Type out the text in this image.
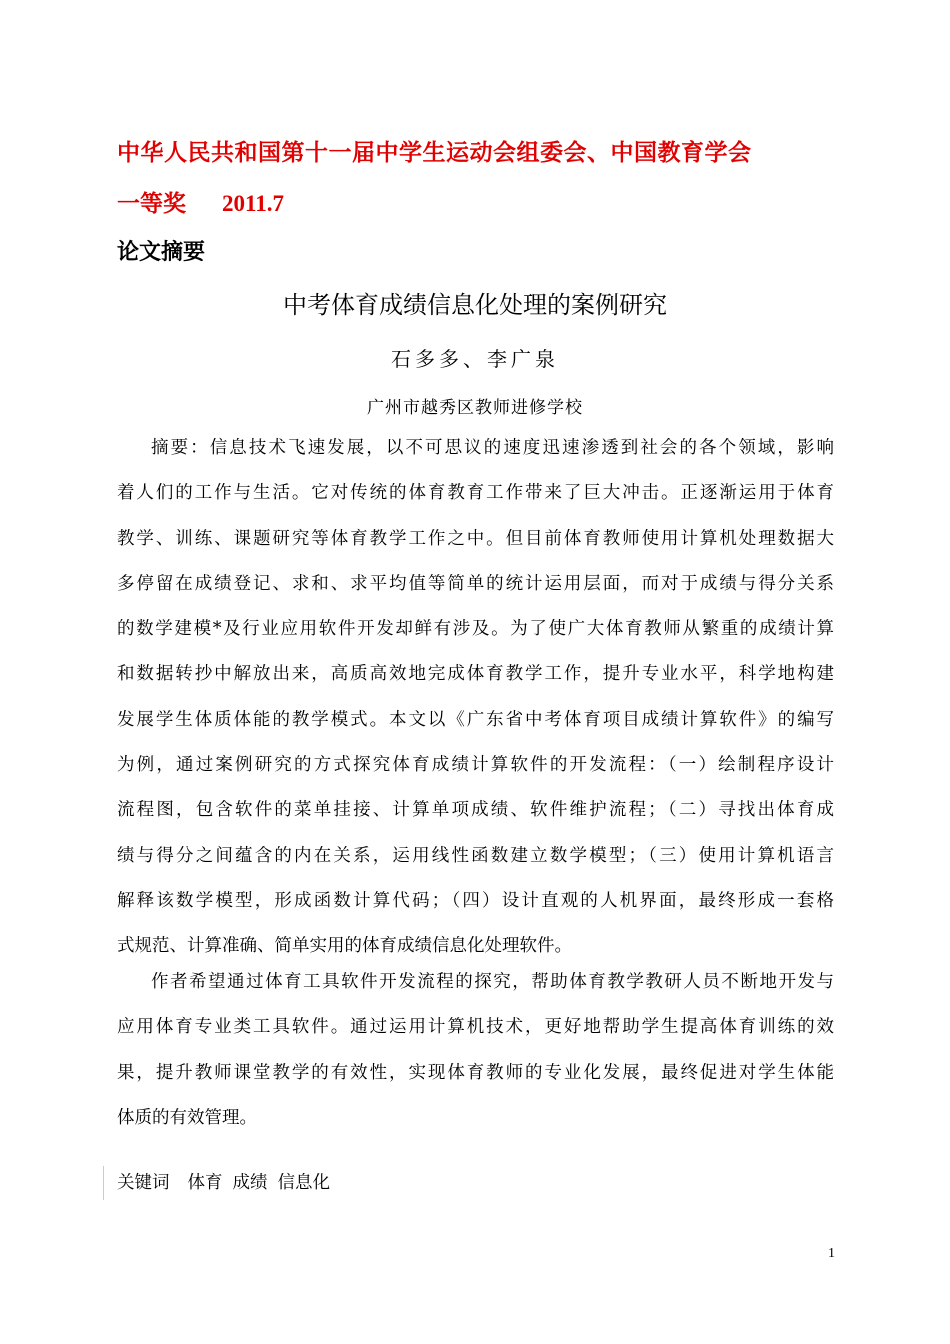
中华人民共和国第十一届中学生运动会组委会、中国教育学会
一等奖 2011.7
论文摘要
中考体育成绩信息化处理的案例研究
石多多、李广泉
广州市越秀区教师进修学校
摘要：信息技术飞速发展，以不可思议的速度迅速渗透到社会的各个领域，影响
着人们的工作与生活。它对传统的体育教育工作带来了巨大冲击。正逐渐运用于体育
教学、训练、课题研究等体育教学工作之中。但目前体育教师使用计算机处理数据大
多停留在成绩登记、求和、求平均值等简单的统计运用层面，而对于成绩与得分关系
的数学建模*及行业应用软件开发却鲜有涉及。为了使广大体育教师从繁重的成绩计算
和数据转抄中解放出来，高质高效地完成体育教学工作，提升专业水平，科学地构建
发展学生体质体能的教学模式。本文以《广东省中考体育项目成绩计算软件》的编写
为例，通过案例研究的方式探究体育成绩计算软件的开发流程：（一）绘制程序设计
流程图，包含软件的菜单挂接、计算单项成绩、软件维护流程；（二）寻找出体育成
绩与得分之间蕴含的内在关系，运用线性函数建立数学模型；（三）使用计算机语言
解释该数学模型，形成函数计算代码；（四）设计直观的人机界面，最终形成一套格
式规范、计算准确、简单实用的体育成绩信息化处理软件。
作者希望通过体育工具软件开发流程的探究，帮助体育教学教研人员不断地开发与
应用体育专业类工具软件。通过运用计算机技术，更好地帮助学生提高体育训练的效
果，提升教师课堂教学的有效性，实现体育教师的专业化发展，最终促进对学生体能
体质的有效管理。
关键词 体育 成绩 信息化
1
